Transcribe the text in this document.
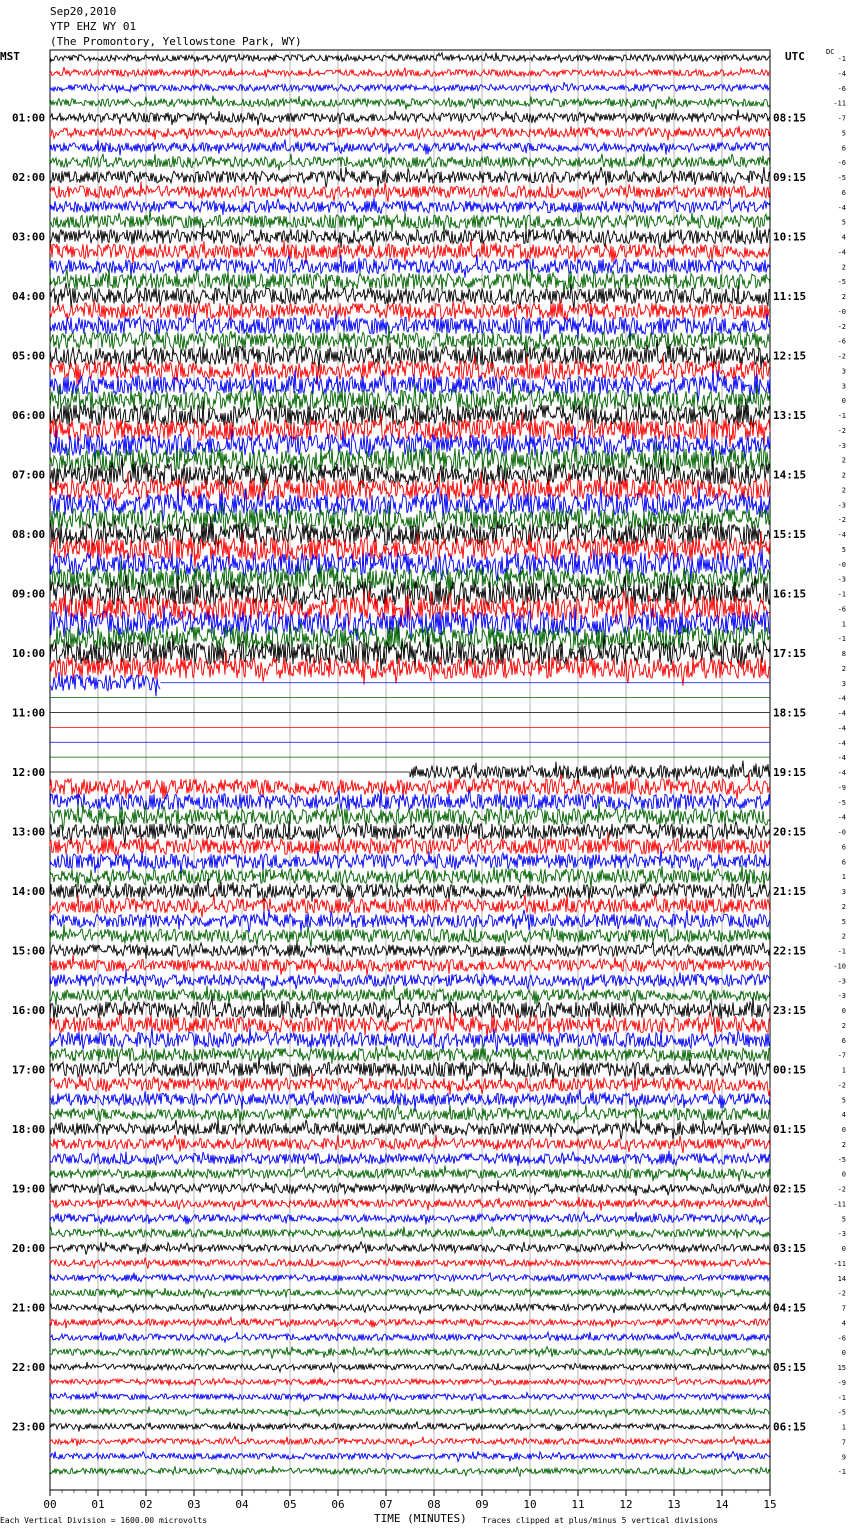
Sep20,2010
YTP EHZ WY 01
(The Promontory, Yellowstone Park, WY)
MST	UTC	DC
-1
-4
-6
-11
-7
5
6
-6
-5
6
-4
5
4
-4
2
-5
2
-0
-2
-6
-2
3
3
0
-1
-2
-3
2
2
2
-3
-2
-4
5
-0
-3
-1
-6
1
-1
8
2
3
-4
-4
-4
-4
-4
-4
-9
-5
-4
-0
6
6
1
3
2
5
2
-1
-10
-3
-3
0
2
6
-7
1
-2
5
4
0
2
-5
0
-2
-11
5
-3
0
-11
14
-2
7
4
-6
0
15
-9
-1
-5
1
7
9
-1
01:00	08:15
02:00	09:15
03:00	10:15
04:00	11:15
05:00	12:15
06:00	13:15
07:00	14:15
08:00	15:15
09:00	16:15
10:00	17:15
11:00	18:15
12:00	19:15
13:00	20:15
14:00	21:15
15:00	22:15
16:00	23:15
17:00	00:15
18:00	01:15
19:00	02:15
20:00	03:15
21:00	04:15
22:00	05:15
23:00	06:15
00	01	02	03	04	05	06	07	08	09	10	11	12	13	14	15
TIME (MINUTES)
Each Vertical Division = 1600.00 microvolts	Traces clipped at plus/minus 5 vertical divisions
